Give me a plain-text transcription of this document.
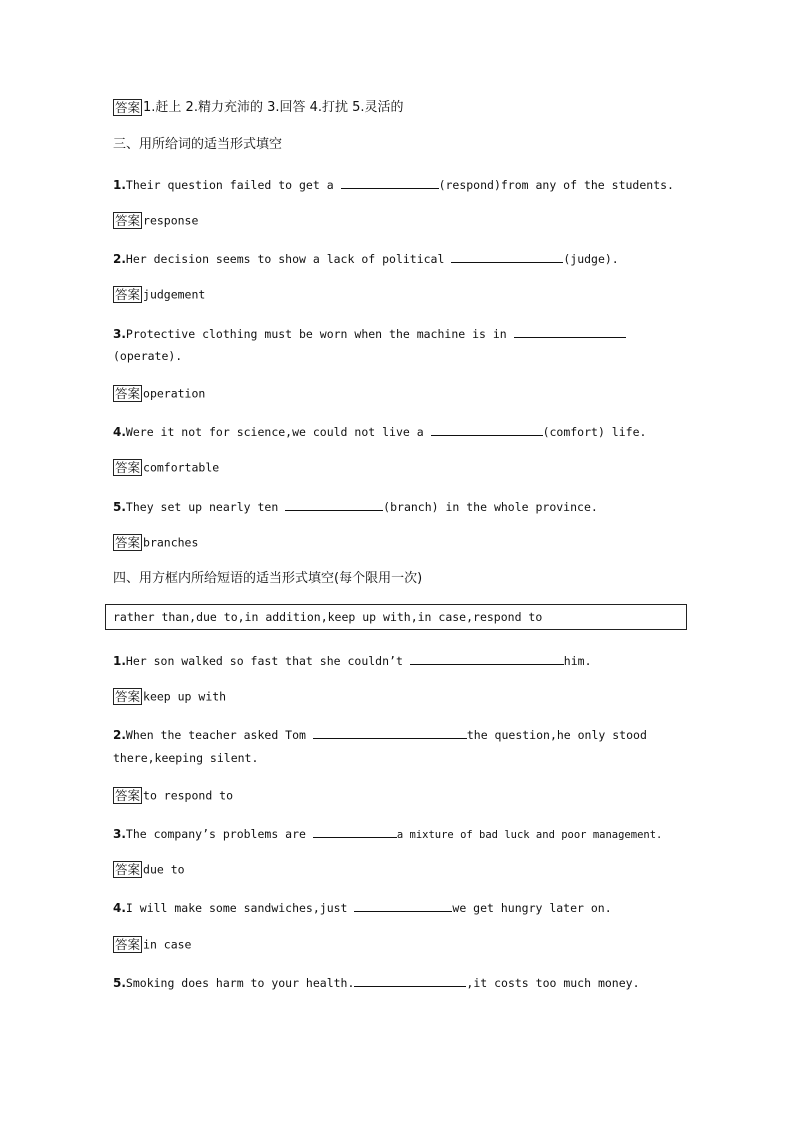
答案 1.赶上 2.精力充沛的 3.回答 4.打扰 5.灵活的
三、用所给词的适当形式填空
1.Their question failed to get a	(respond)from any of the students.
答案 response
2.Her decision seems to show a lack of political	(judge).
答案 judgement
3.Protective clothing must be worn when the machine is in
(operate).
答案 operation
4.Were it not for science,we could not live a	(comfort) life.
答案 comfortable
5.They set up nearly ten	(branch) in the whole province.
答案 branches
四、用方框内所给短语的适当形式填空(每个限用一次)
rather than,due to,in addition,keep up with,in case,respond to
1.Her son walked so fast that she couldn’t	him.
答案 keep up with
2.When the teacher asked Tom	the question,he only stood
there,keeping silent.
答案 to respond to
3.The company’s problems are	a mixture of bad luck and poor management.
答案 due to
4.I will make some sandwiches,just	we get hungry later on.
答案 in case
5.Smoking does harm to your health.	,it costs too much money.
